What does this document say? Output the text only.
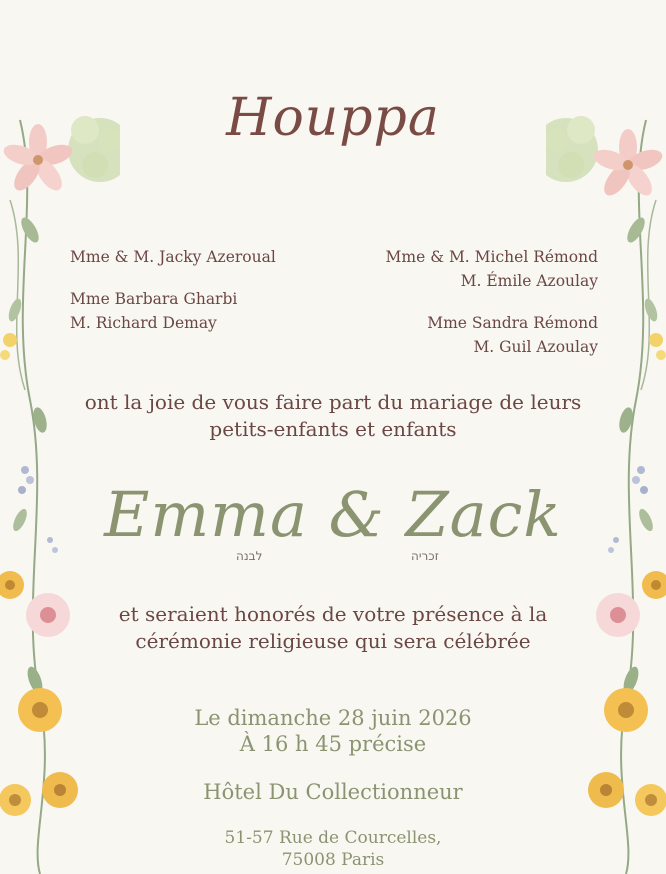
Houppa
Mme & M. Jacky Azeroual
Mme Barbara Gharbi
M. Richard Demay
Mme & M. Michel Rémond
M. Émile Azoulay
Mme Sandra Rémond
M. Guil Azoulay
ont la joie de vous faire part du mariage de leurs
petits-enfants et enfants
Emma & Zack
לבנה	זכריה
et seraient honorés de votre présence à la
cérémonie religieuse qui sera célébrée
Le dimanche 28 juin 2026
À 16 h 45 précise
Hôtel Du Collectionneur
51-57 Rue de Courcelles,
75008 Paris
